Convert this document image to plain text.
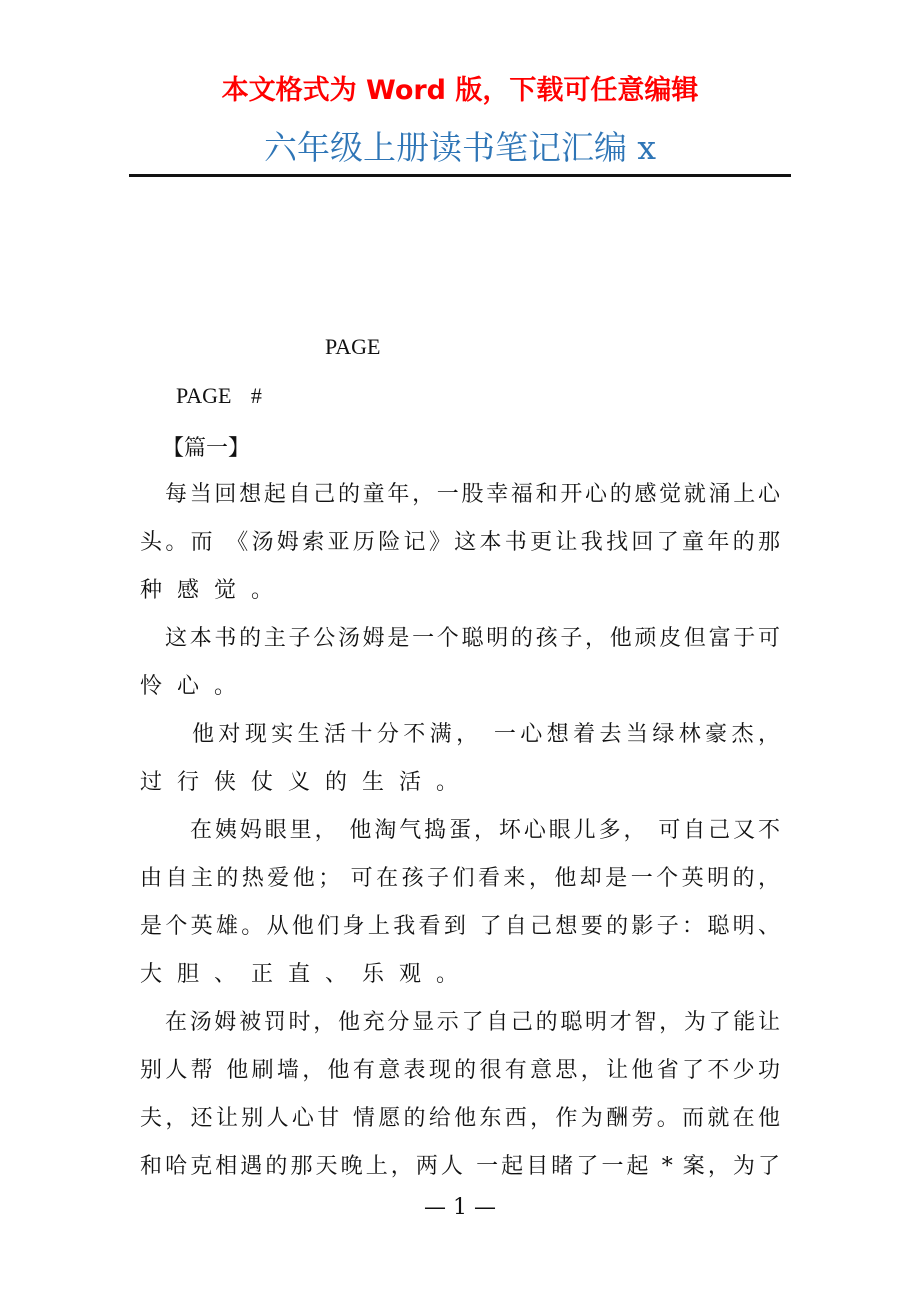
本文格式为 Word 版，下载可任意编辑
六年级上册读书笔记汇编 x
PAGE
PAGE #
【篇一】
每当回想起自己的童年，一股幸福和开心的感觉就涌上心
头。而 《汤姆索亚历险记》这本书更让我找回了童年的那
种感觉。
这本书的主子公汤姆是一个聪明的孩子，他顽皮但富于可
怜心。
他对现实生活十分不满， 一心想着去当绿林豪杰，
过行侠仗义的生活。
在姨妈眼里， 他淘气捣蛋，坏心眼儿多， 可自己又不
由自主的热爱他； 可在孩子们看来，他却是一个英明的，
是个英雄。从他们身上我看到 了自己想要的影子：聪明、
大胆、正直、乐观。
在汤姆被罚时，他充分显示了自己的聪明才智，为了能让
别人帮 他刷墙，他有意表现的很有意思，让他省了不少功
夫，还让别人心甘 情愿的给他东西，作为酬劳。而就在他
和哈克相遇的那天晚上，两人 一起目睹了一起 * 案，为了
— 1 —
